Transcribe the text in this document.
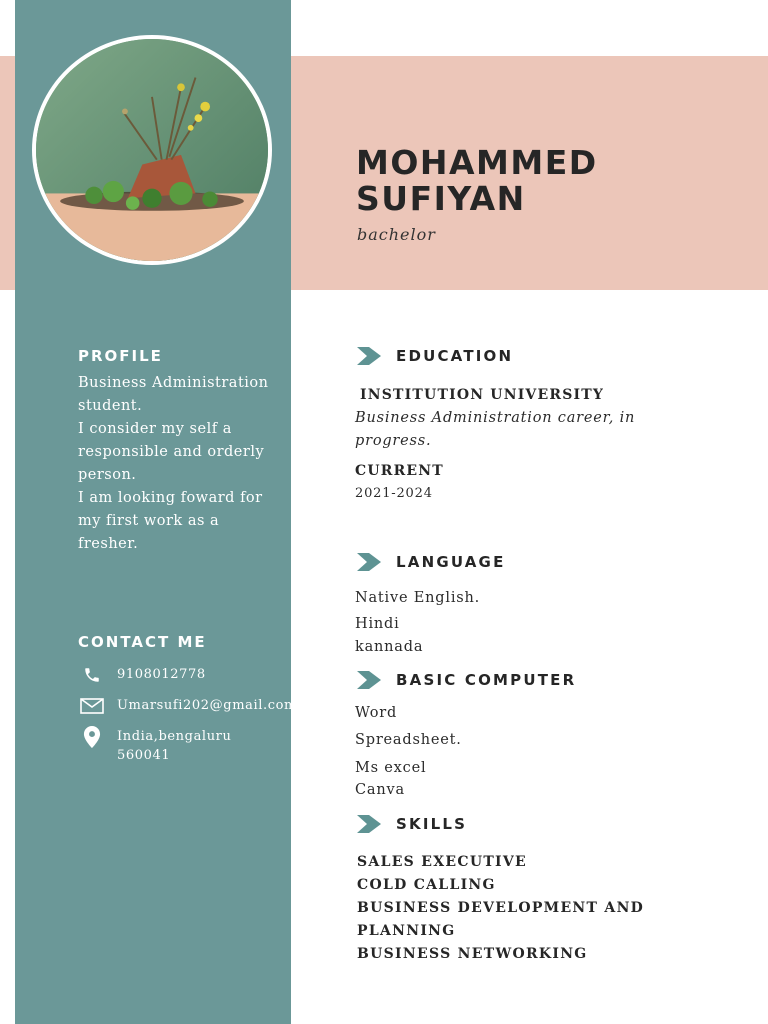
MOHAMMED
SUFIYAN
bachelor
PROFILE
Business Administration
student.
I consider my self a
responsible and orderly
person.
I am looking foward for
my first work as a
fresher.
CONTACT ME
9108012778
Umarsufi202@gmail.com
India,bengaluru
560041
EDUCATION
INSTITUTION UNIVERSITY
Business Administration career, in progress.
CURRENT
2021-2024
LANGUAGE
Native English.
Hindi
kannada
BASIC COMPUTER
Word
Spreadsheet.
Ms excel
Canva
SKILLS
SALES EXECUTIVE
COLD CALLING
BUSINESS DEVELOPMENT AND
PLANNING
BUSINESS NETWORKING
